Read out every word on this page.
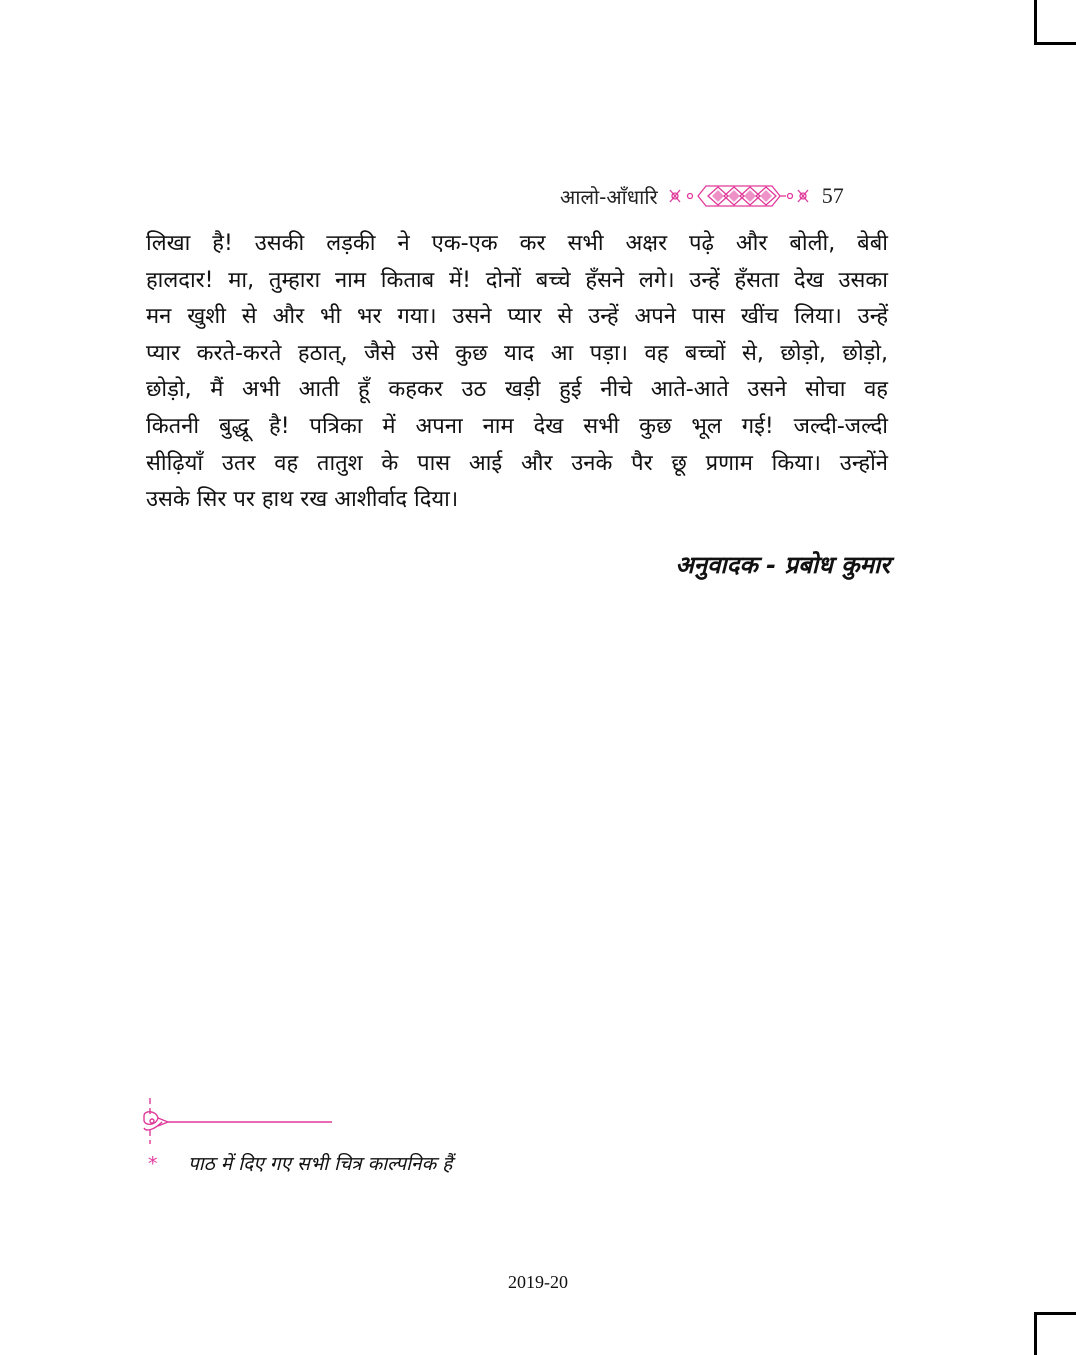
आलो-आँधारि	57

लिखा है! उसकी लड़की ने एक-एक कर सभी अक्षर पढ़े और बोली, बेबी
हालदार! मा, तुम्हारा नाम किताब में! दोनों बच्चे हँसने लगे। उन्हें हँसता देख उसका
मन खुशी से और भी भर गया। उसने प्यार से उन्हें अपने पास खींच लिया। उन्हें
प्यार करते-करते हठात्, जैसे उसे कुछ याद आ पड़ा। वह बच्चों से, छोड़ो, छोड़ो,
छोड़ो, मैं अभी आती हूँ कहकर उठ खड़ी हुई नीचे आते-आते उसने सोचा वह
कितनी बुद्धू है! पत्रिका में अपना नाम देख सभी कुछ भूल गई! जल्दी-जल्दी
सीढ़ियाँ उतर वह तातुश के पास आई और उनके पैर छू प्रणाम किया। उन्होंने
उसके सिर पर हाथ रख आशीर्वाद दिया।

अनुवादक - प्रबोध कुमार
*	पाठ में दिए गए सभी चित्र काल्पनिक हैं
2019-20
